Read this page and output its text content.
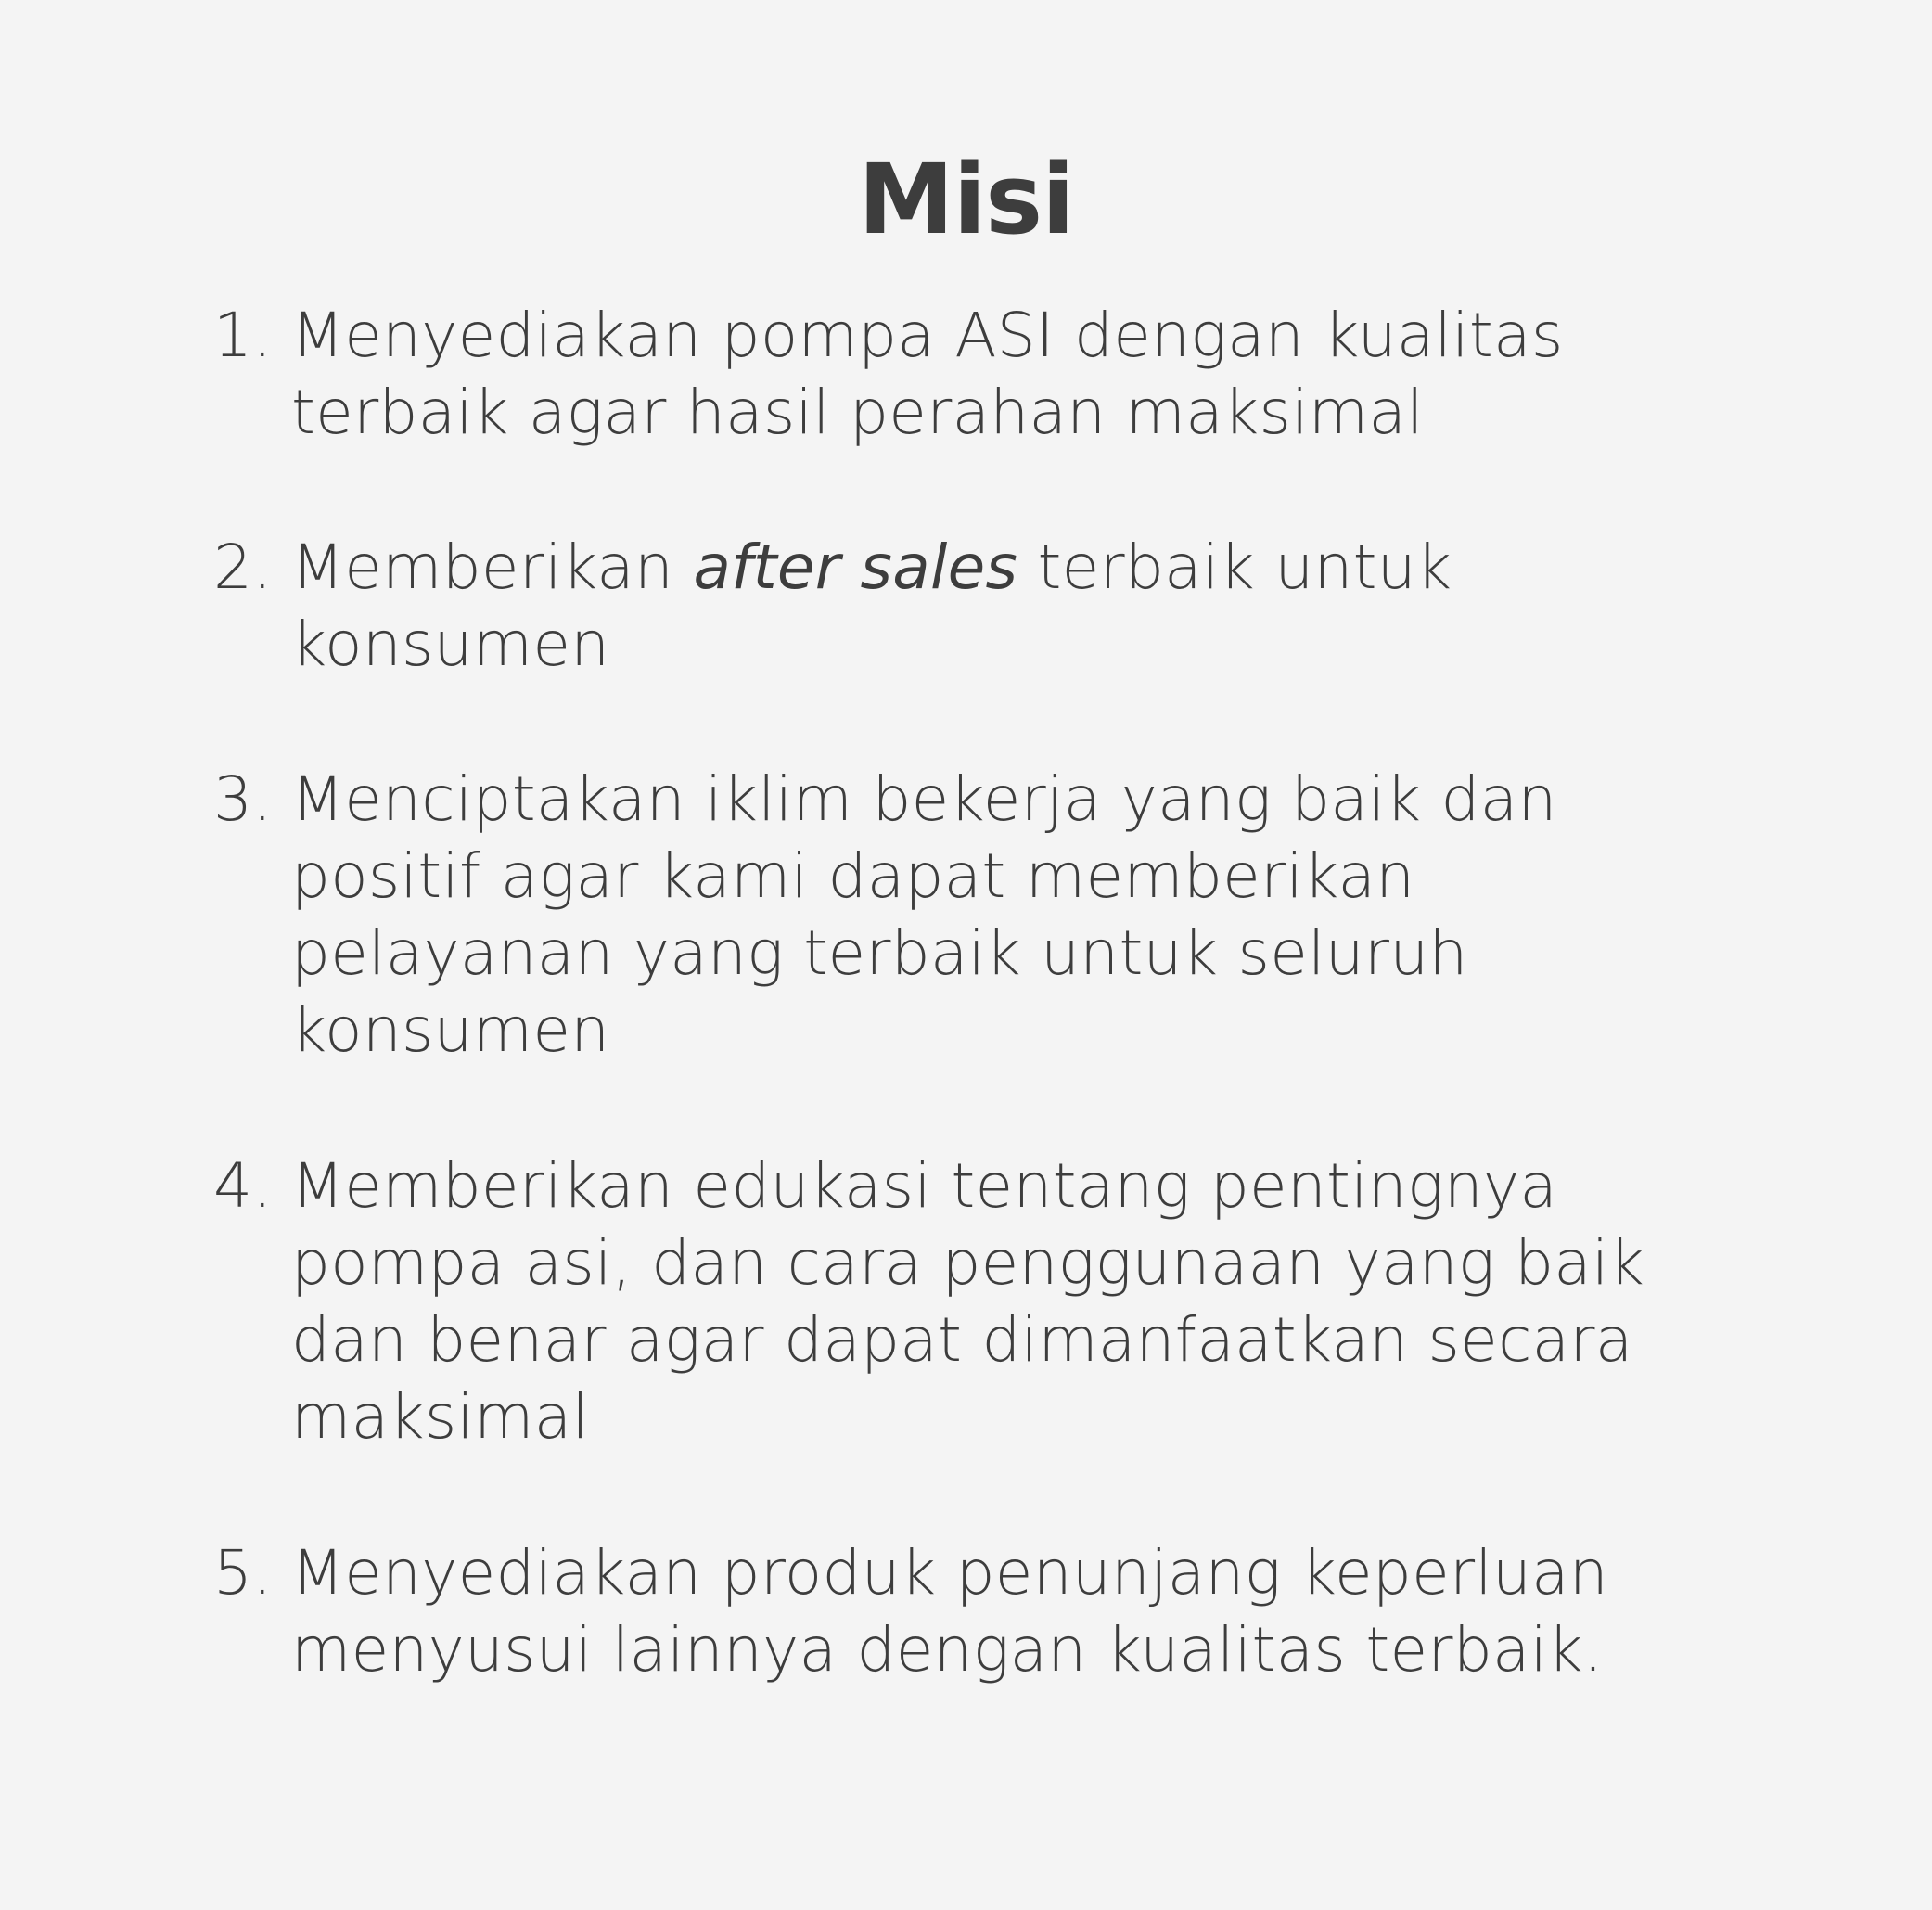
Misi
1. Menyediakan pompa ASI dengan kualitas terbaik agar hasil perahan maksimal
2. Memberikan after sales terbaik untuk konsumen
3. Menciptakan iklim bekerja yang baik dan positif agar kami dapat memberikan pelayanan yang terbaik untuk seluruh konsumen
4. Memberikan edukasi tentang pentingnya pompa asi, dan cara penggunaan yang baik dan benar agar dapat dimanfaatkan secara maksimal
5. Menyediakan produk penunjang keperluan menyusui lainnya dengan kualitas terbaik.
